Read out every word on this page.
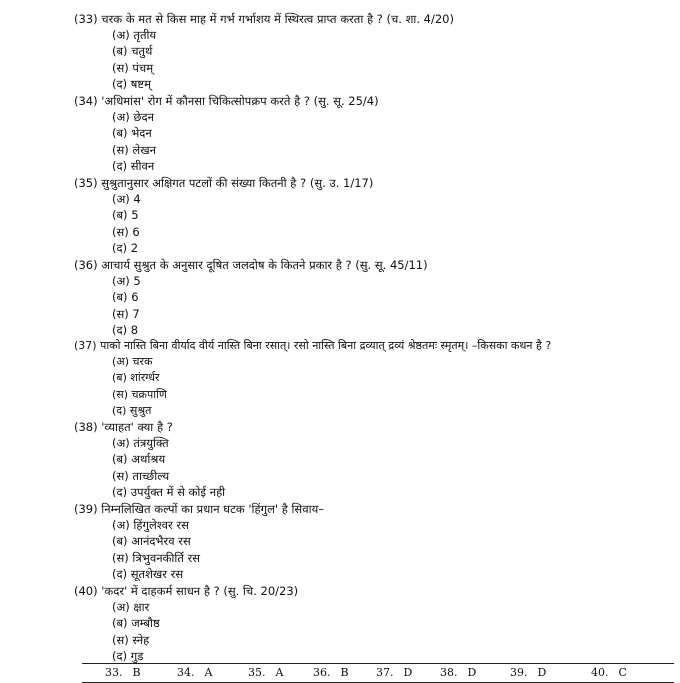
(33) चरक के मत से किस माह में गर्भ गर्भाशय में स्थिरत्व प्राप्त करता है ? (च. शा. 4/20)
(अ) तृतीय
(ब) चतुर्थ
(स) पंचम्
(द) षष्टम्
(34) 'अधिमांस' रोग में कौनसा चिकित्सोपक्रप करते है ? (सु. सू. 25/4)
(अ) छेदन
(ब) भेदन
(स) लेखन
(द) सीवन
(35) सुश्रुतानुसार अक्षिगत पटलों की संख्या कितनी है ? (सु. उ. 1/17)
(अ) 4
(ब) 5
(स) 6
(द) 2
(36) आचार्य सुश्रुत के अनुसार दूषित जलदोष के कितने प्रकार है ? (सु. सू. 45/11)
(अ) 5
(ब) 6
(स) 7
(द) 8
(37) पाको नास्ति बिना वीर्याद वीर्य नास्ति बिना रसात्। रसो नास्ति बिना द्रव्यात् द्रव्यं श्रेष्ठतमः स्मृतम्। –किसका कथन है ?
(अ) चरक
(ब) शांरर्ग्धर
(स) चक्रपाणि
(द) सुश्रुत
(38) 'व्याहत' क्या है ?
(अ) तंत्रयुक्ति
(ब) अर्थाश्रय
(स) ताच्छील्य
(द) उपर्युक्त में से कोई नही
(39) निम्नलिखित कल्पों का प्रधान घटक 'हिंगुल' है सिवाय–
(अ) हिंगुलेश्वर रस
(ब) आनंदभैरव रस
(स) त्रिभुवनकीर्ति रस
(द) सूतशेखर रस
(40) 'कदर' में दाहकर्म साधन है ? (सु. चि. 20/23)
(अ) क्षार
(ब) जम्बौष्ठ
(स) स्नेह
(द) गुड
33. B	34. A	35. A	36. B 37. D	38. D	39. D	40. C
